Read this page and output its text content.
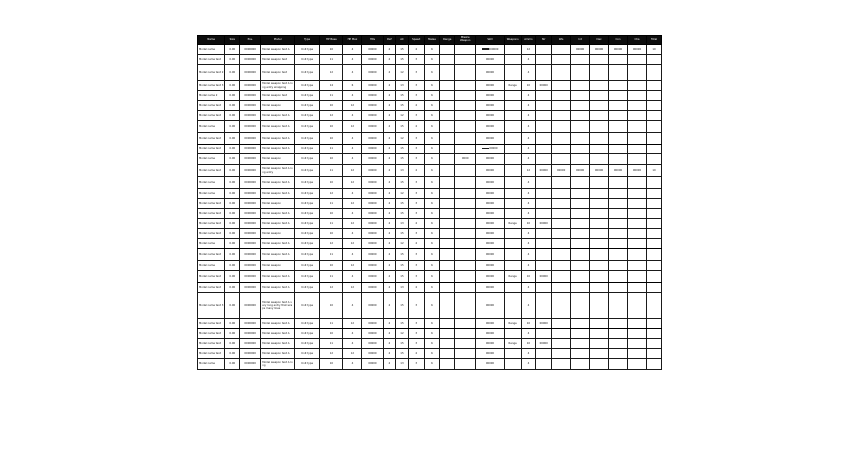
Name	Size	Pos.	Model	Type	HP Base	HP Max	Hits	Def	AC	Speed	Melee	Range	Missile Weapon	Skill	Weapons	Ammo	Str	Wis	Int	Dex	Con	Cha	Total
Model name	0.00	0000000	Model weapon text A	Unit type	10	4	00000	4	15	4	6			000000		12			00000	00000	00000	00000	10
Model name text	0.00	0000000	Model weapon text	Unit type	11	4	00000	4	15	3	6			00000		4							
Model name text 2	0.00	0000000	Model weapon text	Unit type	12	4	00000	4	12	3	6			00000		4							
Model name text 3	0.00	0000000	Model weapon text A long entry wrapping	Unit type	14	6	00000	4	13	3	6			00000	Range	10	00000						
Model name 2	0.00	0000000	Model weapon text	Unit type	11	4	00000	4	15	3	6			00000		4							
Model name text	0.00	0000000	Model weapon	Unit type	10	12	00000	4	15	4	6			00000		4							
Model name text	0.00	0000000	Model weapon text A	Unit type	12	4	00000	4	12	3	6			00000		4							
Model name	0.00	0000000	Model weapon text A	Unit type	10	12	00000	4	15	4	6			00000		4							
Model name text	0.00	0000000	Model weapon text A	Unit type	10	4	00000	4	12	3	6			00000		4							
Model name text	0.00	0000000	Model weapon text A	Unit type	11	4	00000	4	15	3	6			00000		4							
Model name	0.00	0000000	Model weapon	Unit type	10	4	00000	4	15	3	6		0000	00000		4							
Model name text	0.00	0000000	Model weapon text A long entry	Unit type	11	12	00000	4	13	4	6			00000		12	00000	00000	00000	00000	00000	00000	10
Model name	0.00	0000000	Model weapon text A	Unit type	10	12	00000	4	15	3	6			00000		4							
Model name	0.00	0000000	Model weapon text A	Unit type	12	4	00000	4	12	3	6			00000		4							
Model name text	0.00	0000000	Model weapon	Unit type	11	12	00000	4	15	3	6			00000		4							
Model name text	0.00	0000000	Model weapon text A	Unit type	10	4	00000	4	15	3	6			00000		4							
Model name text	0.00	0000000	Model weapon text A	Unit type	11	12	00000	4	13	4	6			00000	Range	10	00000						
Model name text	0.00	0000000	Model weapon	Unit type	10	4	00000	4	15	3	6			00000		4							
Model name	0.00	0000000	Model weapon text A	Unit type	12	12	00000	4	12	4	6			00000		4							
Model name text	0.00	0000000	Model weapon text A	Unit type	11	4	00000	4	15	3	6			00000		4							
Model name	0.00	0000000	Model weapon	Unit type	10	12	00000	4	15	3	6			00000		4							
Model name text	0.00	0000000	Model weapon text A	Unit type	11	4	00000	4	15	3	6			00000	Range	10	00000						
Model name text	0.00	0000000	Model weapon text A	Unit type	12	12	00000	4	13	4	6			00000		4							
Model name text 3	0.00	0000000	Model weapon text A very long entry that wraps many lines	Unit type	10	4	00000	4	15	3	6			00000		4							
Model name text	0.00	0000000	Model weapon text A	Unit type	11	12	00000	4	15	3	6			00000	Range	10	00000						
Model name text	0.00	0000000	Model weapon text A	Unit type	10	4	00000	4	12	3	6			00000		4							
Model name text	0.00	0000000	Model weapon text A	Unit type	11	4	00000	4	15	3	6			00000	Range	10	00000						
Model name text	0.00	0000000	Model weapon text A	Unit type	12	12	00000	4	15	4	6			00000		4							
Model name	0.00	0000000	Model weapon text A long	Unit type	10	4	00000	4	13	3	6			00000		4							
